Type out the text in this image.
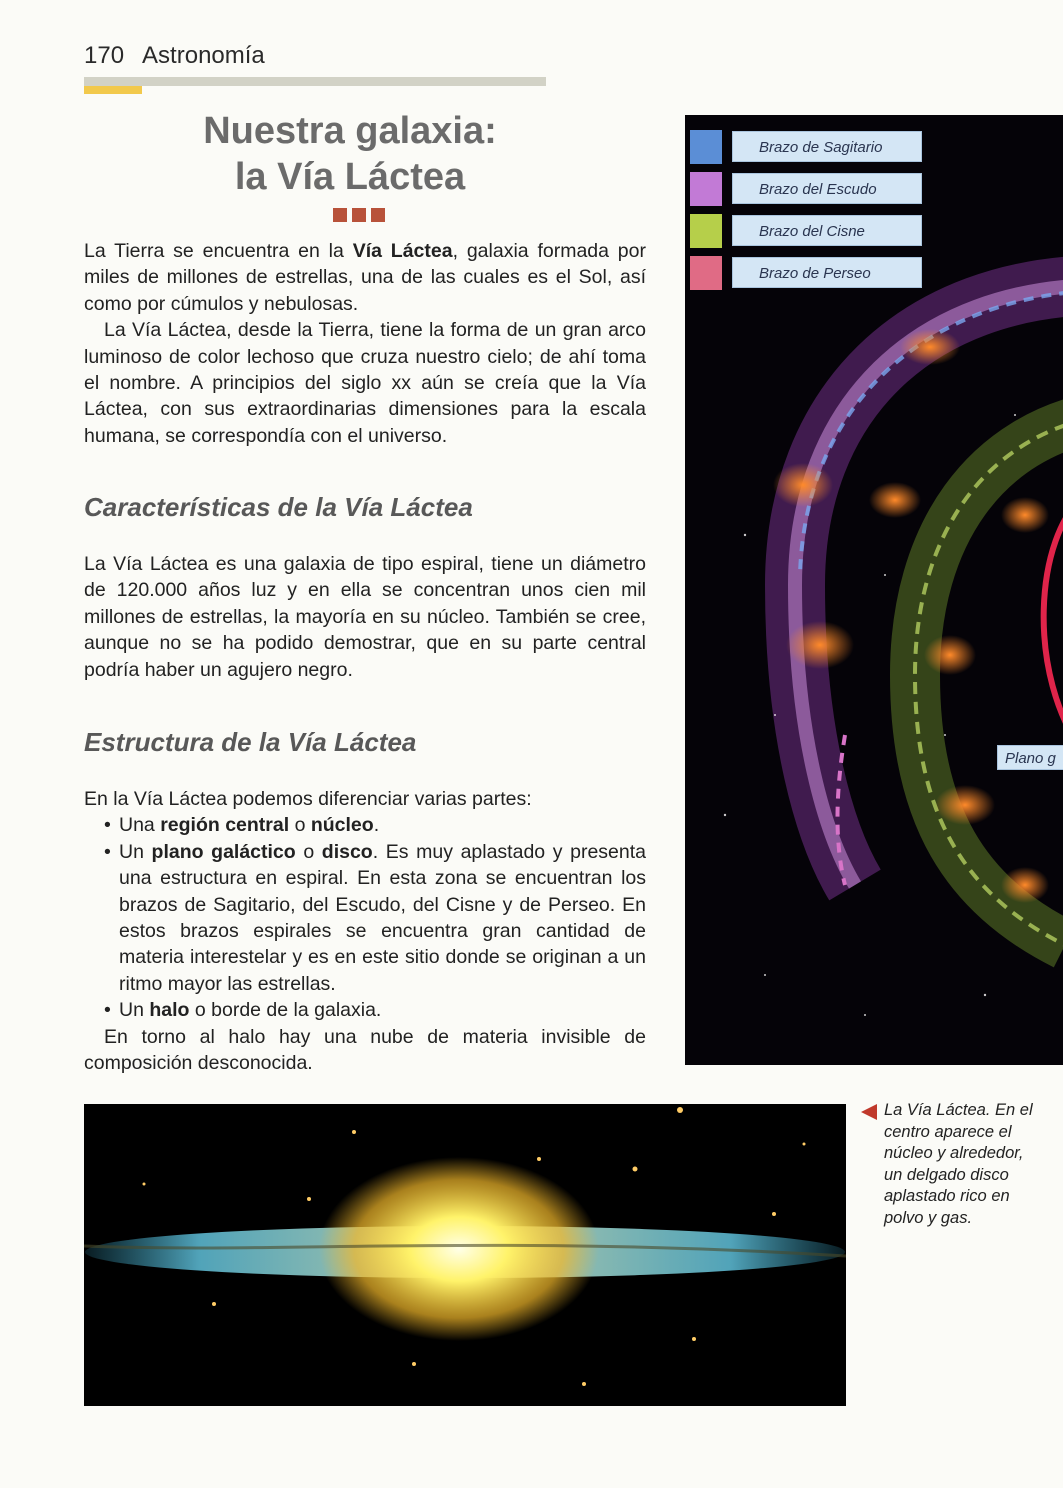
170 Astronomía
Nuestra galaxia:
la Vía Láctea

La Tierra se encuentra en la Vía Láctea, galaxia formada por miles de millones de estrellas, una de las cuales es el Sol, así como por cúmulos y nebulosas.

La Vía Láctea, desde la Tierra, tiene la forma de un gran arco luminoso de color lechoso que cruza nuestro cielo; de ahí toma el nombre. A principios del siglo xx aún se creía que la Vía Láctea, con sus extraordinarias dimensiones para la escala humana, se correspondía con el universo.

Características de la Vía Láctea

La Vía Láctea es una galaxia de tipo espiral, tiene un diámetro de 120.000 años luz y en ella se concentran unos cien mil millones de estrellas, la mayoría en su núcleo. También se cree, aunque no se ha podido demostrar, que en su parte central podría haber un agujero negro.

Estructura de la Vía Láctea

En la Vía Láctea podemos diferenciar varias partes:

• Una región central o núcleo.
• Un plano galáctico o disco. Es muy aplastado y presenta una estructura en espiral. En esta zona se encuentran los brazos de Sagitario, del Escudo, del Cisne y de Perseo. En estos brazos espirales se encuentra gran cantidad de materia interestelar y es en este sitio donde se originan a un ritmo mayor las estrellas.
• Un halo o borde de la galaxia.

En torno al halo hay una nube de materia invisible de composición desconocida.

Brazo de Sagitario
Brazo del Escudo
Brazo del Cisne
Brazo de Perseo
Plano g
La Vía Láctea. En el
centro aparece el
núcleo y alrededor,
un delgado disco
aplastado rico en
polvo y gas.
